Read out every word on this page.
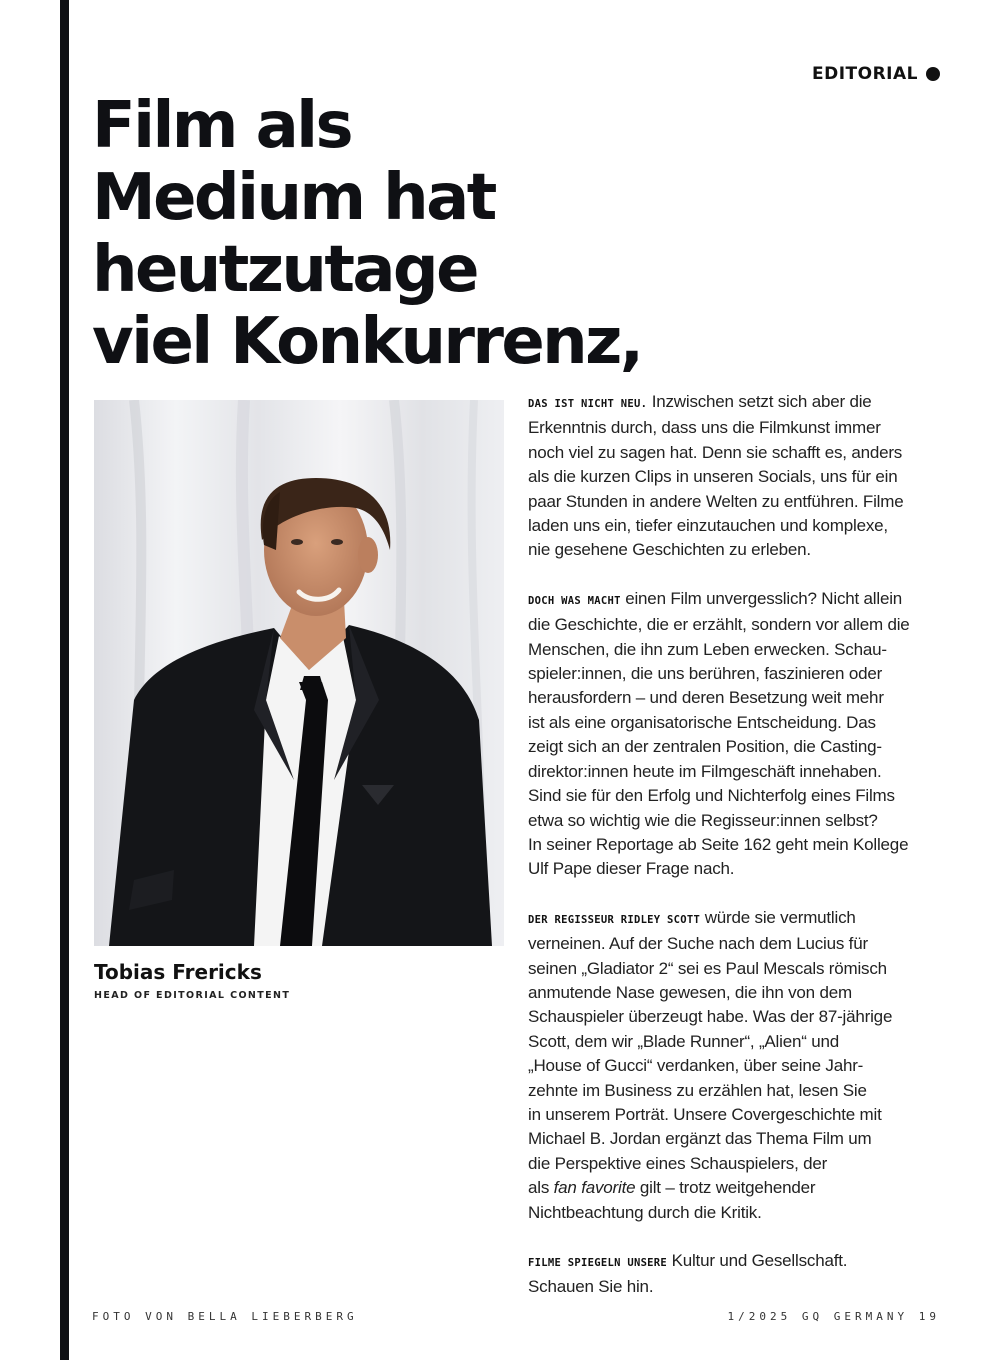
EDITORIAL
Film als
Medium hat
heutzutage
viel Konkurrenz,
Tobias Frericks
HEAD OF EDITORIAL CONTENT

DAS IST NICHT NEU. Inzwischen setzt sich aber die
Erkenntnis durch, dass uns die Filmkunst immer
noch viel zu sagen hat. Denn sie schafft es, anders
als die kurzen Clips in unseren Socials, uns für ein
paar Stunden in andere Welten zu entführen. Filme
laden uns ein, tiefer einzutauchen und komplexe,
nie gesehene Geschichten zu erleben.

DOCH WAS MACHT einen Film unvergesslich? Nicht allein
die Geschichte, die er erzählt, sondern vor allem die
Menschen, die ihn zum Leben erwecken. Schau-
spieler:innen, die uns berühren, faszinieren oder
herausfordern – und deren Besetzung weit mehr
ist als eine organisatorische Entscheidung. Das
zeigt sich an der zentralen Position, die Casting-
direktor:innen heute im Filmgeschäft innehaben.
Sind sie für den Erfolg und Nichterfolg eines Films
etwa so wichtig wie die Regisseur:innen selbst?
In seiner Reportage ab Seite 162 geht mein Kollege
Ulf Pape dieser Frage nach.

DER REGISSEUR RIDLEY SCOTT würde sie vermutlich
verneinen. Auf der Suche nach dem Lucius für
seinen „Gladiator 2“ sei es Paul Mescals römisch
anmutende Nase gewesen, die ihn von dem
Schauspieler überzeugt habe. Was der 87-jährige
Scott, dem wir „Blade Runner“, „Alien“ und
„House of Gucci“ verdanken, über seine Jahr-
zehnte im Business zu erzählen hat, lesen Sie
in unserem Porträt. Unsere Covergeschichte mit
Michael B. Jordan ergänzt das Thema Film um
die Perspektive eines Schauspielers, der
als fan favorite gilt – trotz weitgehender
Nichtbeachtung durch die Kritik.

FILME SPIEGELN UNSERE Kultur und Gesellschaft.
Schauen Sie hin.

FOTO VON BELLA LIEBERBERG	1/2025 GQ GERMANY 19
